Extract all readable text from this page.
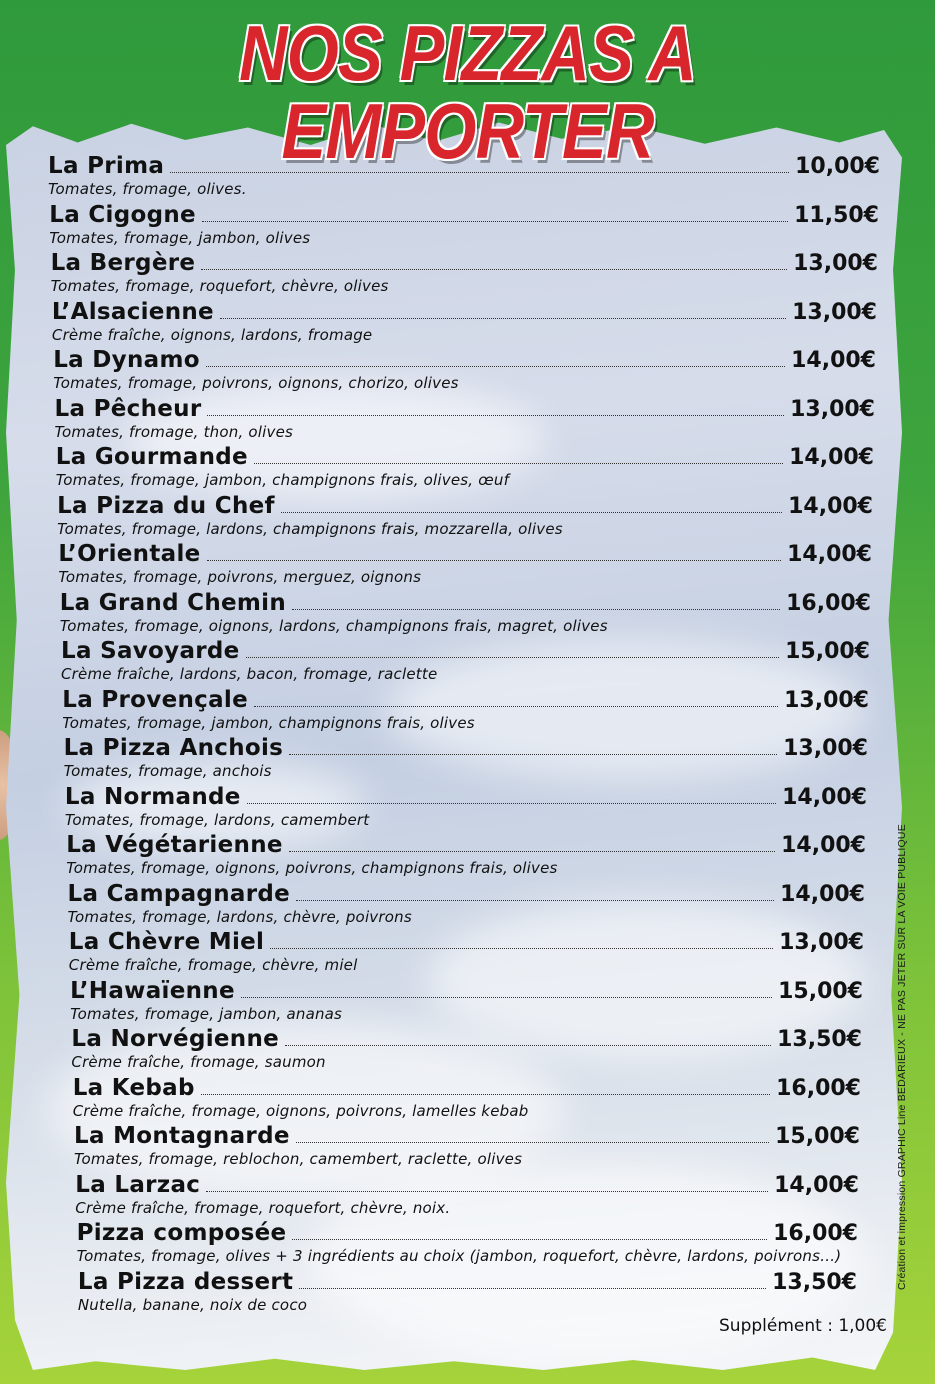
NOS PIZZAS A EMPORTER
La Prima	10,00€
Tomates, fromage, olives.
La Cigogne	11,50€
Tomates, fromage, jambon, olives
La Bergère	13,00€
Tomates, fromage, roquefort, chèvre, olives
L’Alsacienne	13,00€
Crème fraîche, oignons, lardons, fromage
La Dynamo	14,00€
Tomates, fromage, poivrons, oignons, chorizo, olives
La Pêcheur	13,00€
Tomates, fromage, thon, olives
La Gourmande	14,00€
Tomates, fromage, jambon, champignons frais, olives, œuf
La Pizza du Chef	14,00€
Tomates, fromage, lardons, champignons frais, mozzarella, olives
L’Orientale	14,00€
Tomates, fromage, poivrons, merguez, oignons
La Grand Chemin	16,00€
Tomates, fromage, oignons, lardons, champignons frais, magret, olives
La Savoyarde	15,00€
Crème fraîche, lardons, bacon, fromage, raclette
La Provençale	13,00€
Tomates, fromage, jambon, champignons frais, olives
La Pizza Anchois	13,00€
Tomates, fromage, anchois
La Normande	14,00€
Tomates, fromage, lardons, camembert
La Végétarienne	14,00€
Tomates, fromage, oignons, poivrons, champignons frais, olives
La Campagnarde	14,00€
Tomates, fromage, lardons, chèvre, poivrons
La Chèvre Miel	13,00€
Crème fraîche, fromage, chèvre, miel
L’Hawaïenne	15,00€
Tomates, fromage, jambon, ananas
La Norvégienne	13,50€
Crème fraîche, fromage, saumon
La Kebab	16,00€
Crème fraîche, fromage, oignons, poivrons, lamelles kebab
La Montagnarde	15,00€
Tomates, fromage, reblochon, camembert, raclette, olives
La Larzac	14,00€
Crème fraîche, fromage, roquefort, chèvre, noix.
Pizza composée	16,00€
Tomates, fromage, olives + 3 ingrédients au choix (jambon, roquefort, chèvre, lardons, poivrons…)
La Pizza dessert	13,50€
Nutella, banane, noix de coco
Supplément : 1,00€
Création et impression GRAPHIC Line BEDARIEUX - NE PAS JETER SUR LA VOIE PUBLIQUE
